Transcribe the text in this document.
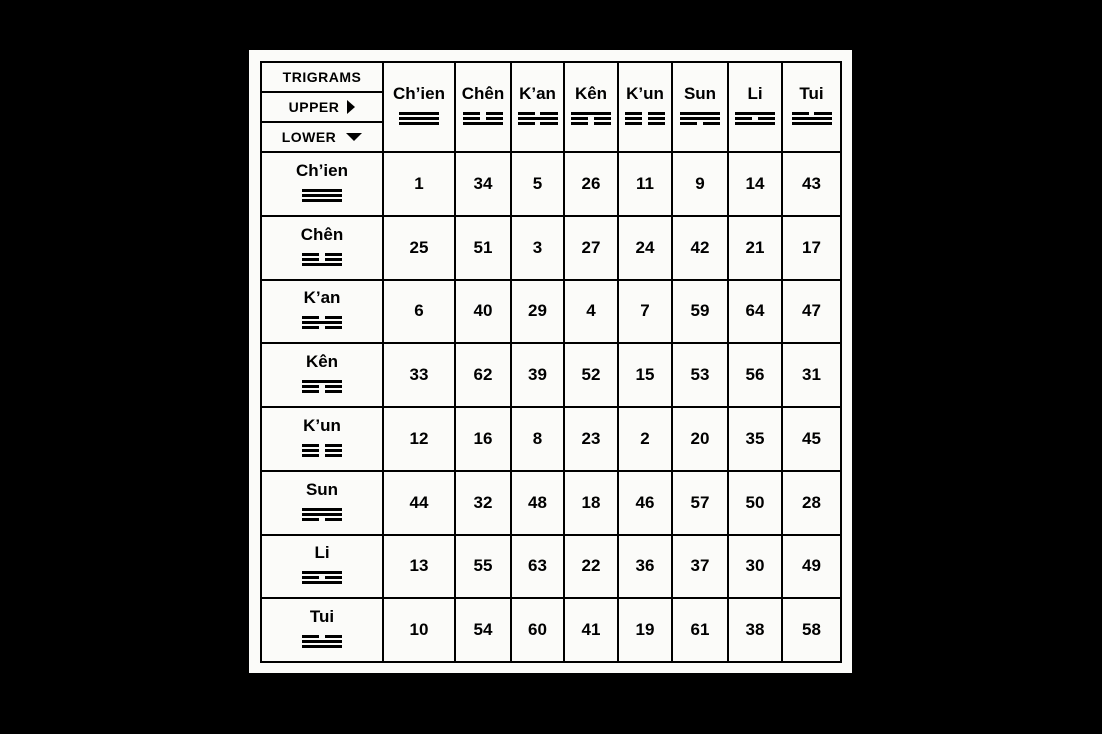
TRIGRAMS
UPPER
LOWER	Ch’ien	Chên	K’an	Kên	K’un	Sun	Li	Tui

Ch’ien	1	34	5	26	11	9	14	43

Chên	25	51	3	27	24	42	21	17

K’an	6	40	29	4	7	59	64	47

Kên	33	62	39	52	15	53	56	31

K’un	12	16	8	23	2	20	35	45

Sun	44	32	48	18	46	57	50	28

Li	13	55	63	22	36	37	30	49

Tui	10	54	60	41	19	61	38	58
